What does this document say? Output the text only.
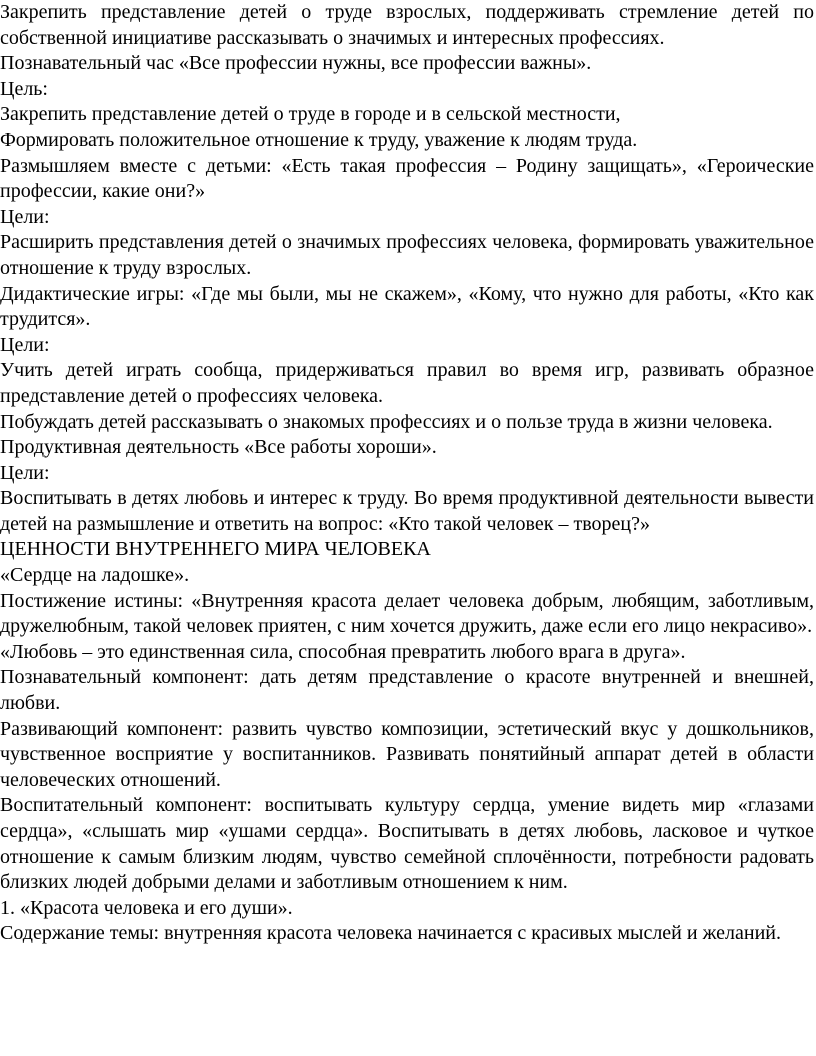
Закрепить представление детей о труде взрослых, поддерживать стремление детей по собственной инициативе рассказывать о значимых и интересных профессиях.

Познавательный час «Все профессии нужны, все профессии важны».

Цель:

Закрепить представление детей о труде в городе и в сельской местности,

Формировать положительное отношение к труду, уважение к людям труда.

Размышляем вместе с детьми: «Есть такая профессия – Родину защищать», «Героические профессии, какие они?»

Цели:

Расширить представления детей о значимых профессиях человека, формировать уважительное отношение к труду взрослых.

Дидактические игры: «Где мы были, мы не скажем», «Кому, что нужно для работы, «Кто как трудится».

Цели:

Учить детей играть сообща, придерживаться правил во время игр, развивать образное представление детей о профессиях человека.

Побуждать детей рассказывать о знакомых профессиях и о пользе труда в жизни человека.

Продуктивная деятельность «Все работы хороши».

Цели:

Воспитывать в детях любовь и интерес к труду. Во время продуктивной деятельности вывести детей на размышление и ответить на вопрос: «Кто такой человек – творец?»

ЦЕННОСТИ ВНУТРЕННЕГО МИРА ЧЕЛОВЕКА

«Сердце на ладошке».

Постижение истины: «Внутренняя красота делает человека добрым, любящим, заботливым, дружелюбным, такой человек приятен, с ним хочется дружить, даже если его лицо некрасиво».

«Любовь – это единственная сила, способная превратить любого врага в друга».

Познавательный компонент: дать детям представление о красоте внутренней и внешней, любви.

Развивающий компонент: развить чувство композиции, эстетический вкус у дошкольников, чувственное восприятие у воспитанников. Развивать понятийный аппарат детей в области человеческих отношений.

Воспитательный компонент: воспитывать культуру сердца, умение видеть мир «глазами сердца», «слышать мир «ушами сердца». Воспитывать в детях любовь, ласковое и чуткое отношение к самым близким людям, чувство семейной сплочённости, потребности радовать близких людей добрыми делами и заботливым отношением к ним.

1. «Красота человека и его души».

Содержание темы: внутренняя красота человека начинается с красивых мыслей и желаний.
